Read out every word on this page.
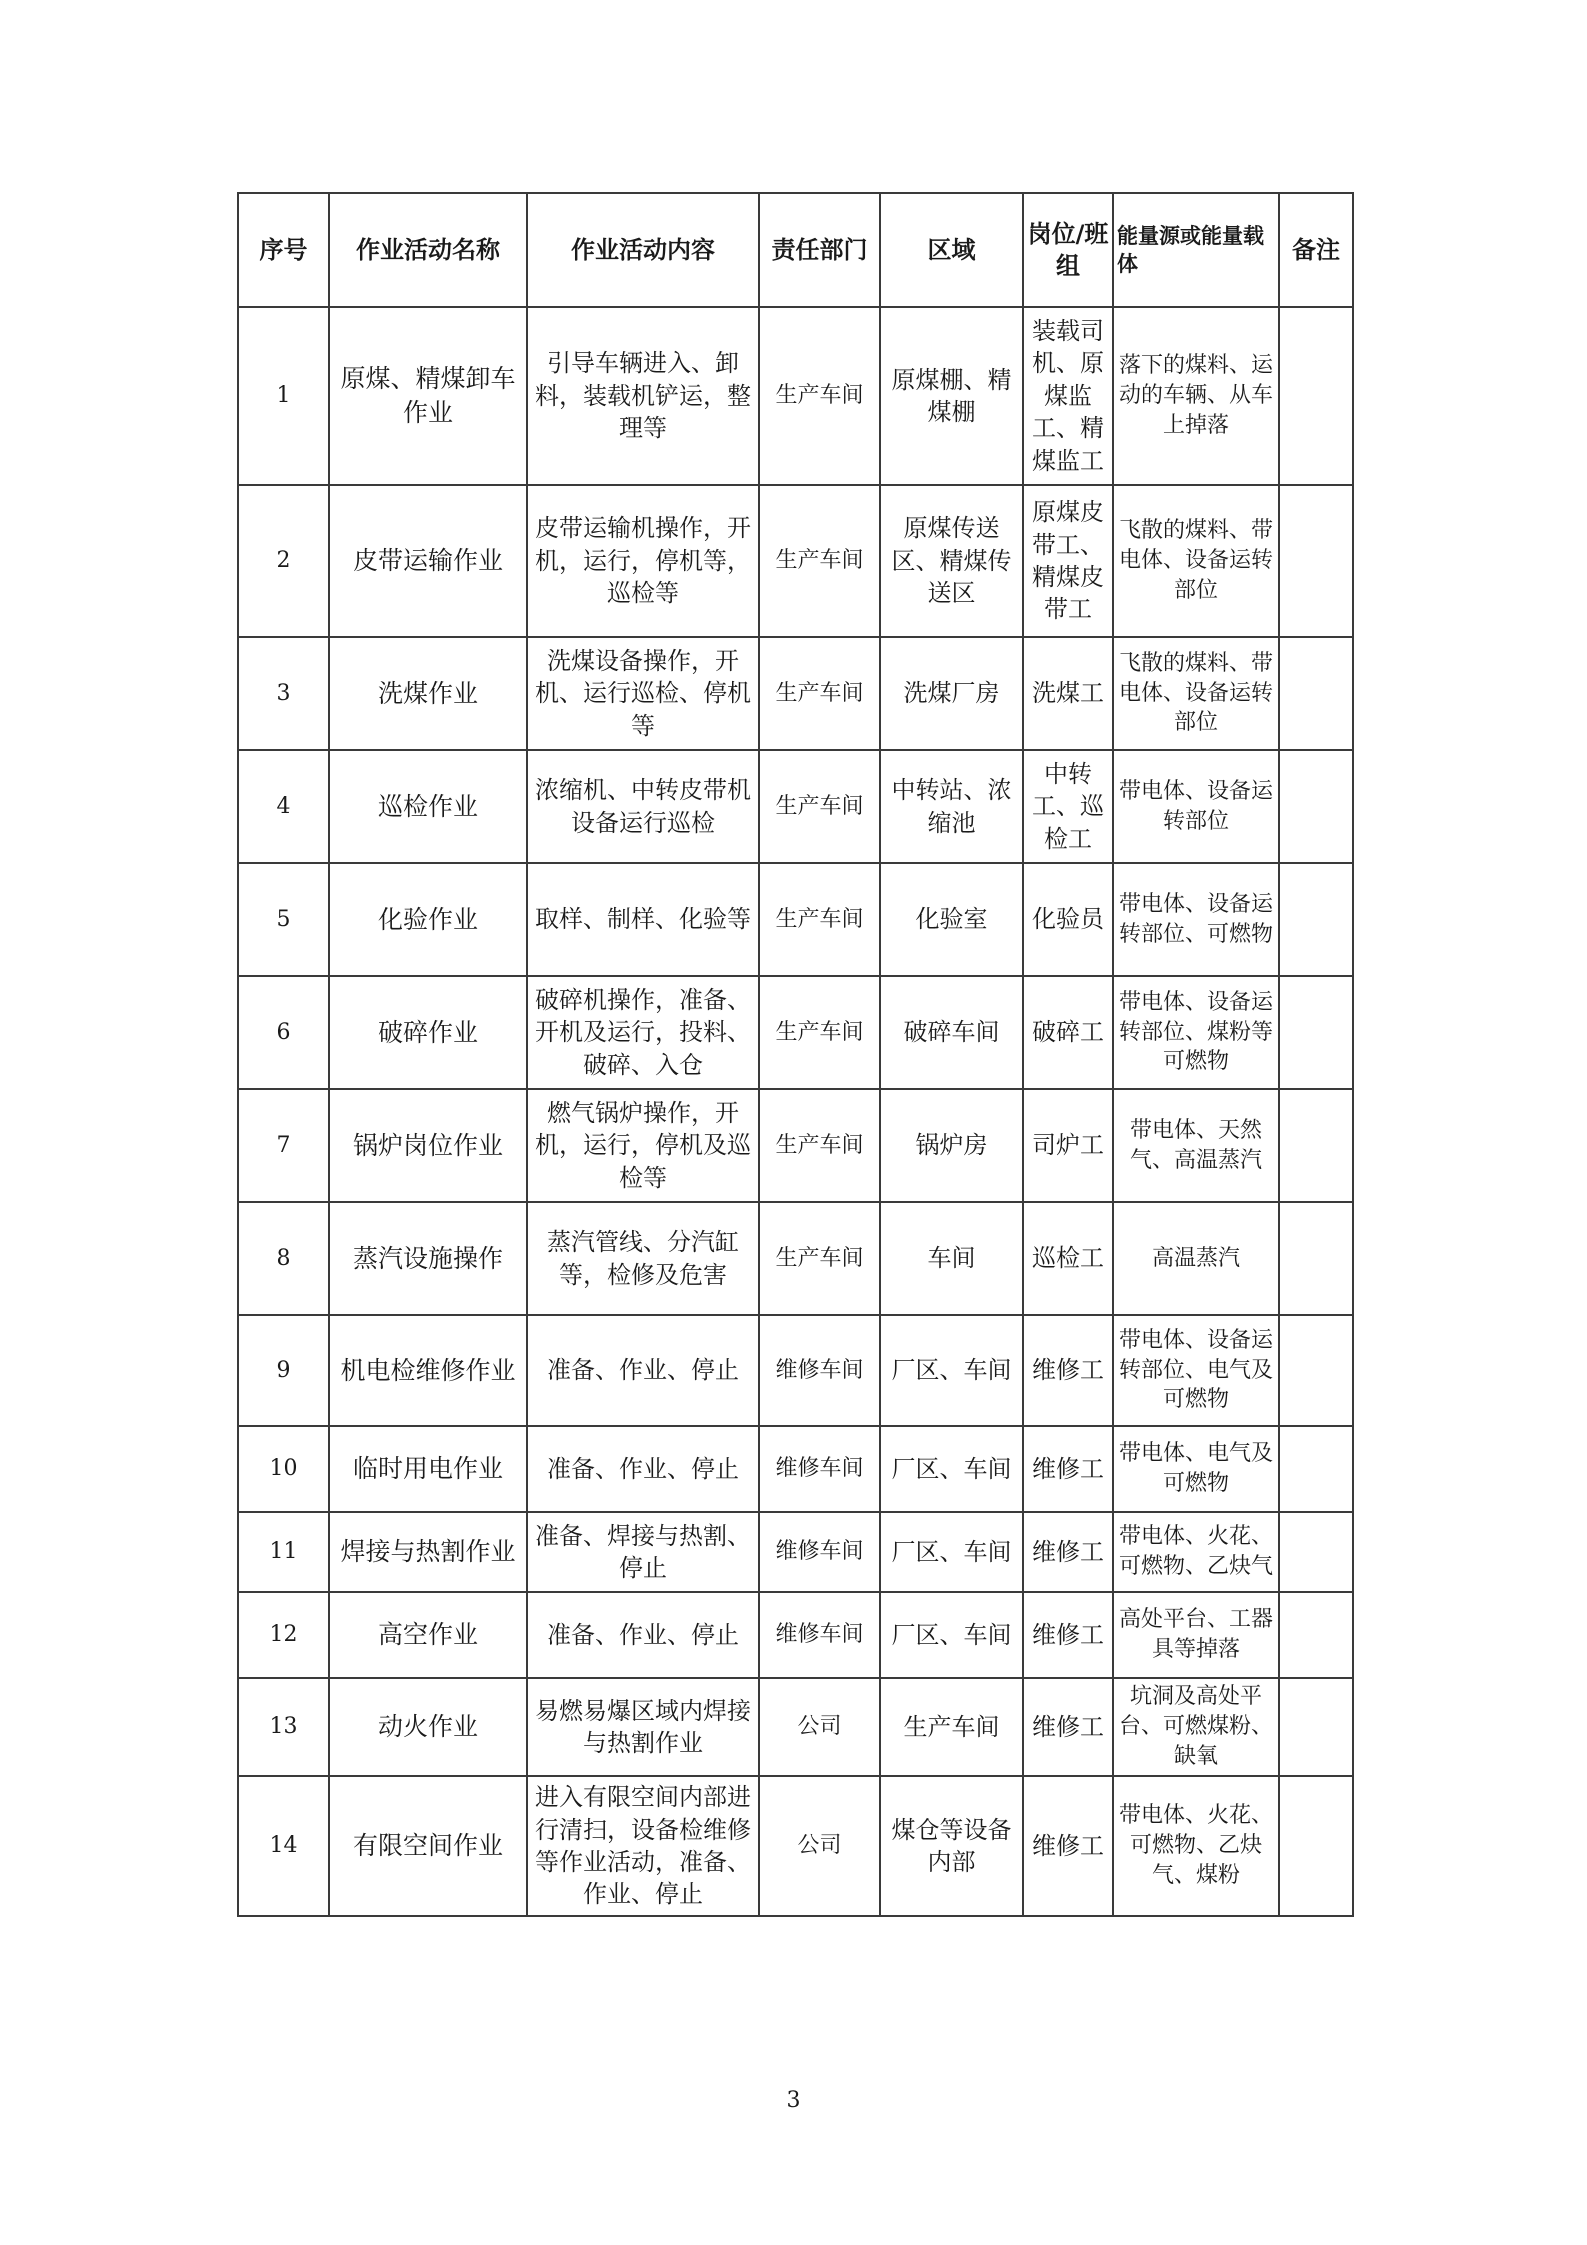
序号	作业活动名称	作业活动内容	责任部门	区域	岗位/班组	能量源或能量载体	备注
1	原煤、精煤卸车作业	引导车辆进入、卸料，装载机铲运，整理等	生产车间	原煤棚、精煤棚	装载司机、原煤监工、精煤监工	落下的煤料、运动的车辆、从车上掉落	
2	皮带运输作业	皮带运输机操作，开机，运行，停机等，巡检等	生产车间	原煤传送区、精煤传送区	原煤皮带工、精煤皮带工	飞散的煤料、带电体、设备运转部位	
3	洗煤作业	洗煤设备操作，开机、运行巡检、停机等	生产车间	洗煤厂房	洗煤工	飞散的煤料、带电体、设备运转部位	
4	巡检作业	浓缩机、中转皮带机设备运行巡检	生产车间	中转站、浓缩池	中转工、巡检工	带电体、设备运转部位	
5	化验作业	取样、制样、化验等	生产车间	化验室	化验员	带电体、设备运转部位、可燃物	
6	破碎作业	破碎机操作，准备、开机及运行，投料、破碎、入仓	生产车间	破碎车间	破碎工	带电体、设备运转部位、煤粉等可燃物	
7	锅炉岗位作业	燃气锅炉操作，开机，运行，停机及巡检等	生产车间	锅炉房	司炉工	带电体、天然气、高温蒸汽	
8	蒸汽设施操作	蒸汽管线、分汽缸等，检修及危害	生产车间	车间	巡检工	高温蒸汽	
9	机电检维修作业	准备、作业、停止	维修车间	厂区、车间	维修工	带电体、设备运转部位、电气及可燃物	
10	临时用电作业	准备、作业、停止	维修车间	厂区、车间	维修工	带电体、电气及可燃物	
11	焊接与热割作业	准备、焊接与热割、停止	维修车间	厂区、车间	维修工	带电体、火花、可燃物、乙炔气	
12	高空作业	准备、作业、停止	维修车间	厂区、车间	维修工	高处平台、工器具等掉落	
13	动火作业	易燃易爆区域内焊接与热割作业	公司	生产车间	维修工	坑洞及高处平台、可燃煤粉、缺氧	
14	有限空间作业	进入有限空间内部进行清扫，设备检维修等作业活动，准备、作业、停止	公司	煤仓等设备内部	维修工	带电体、火花、可燃物、乙炔气、煤粉	
3
